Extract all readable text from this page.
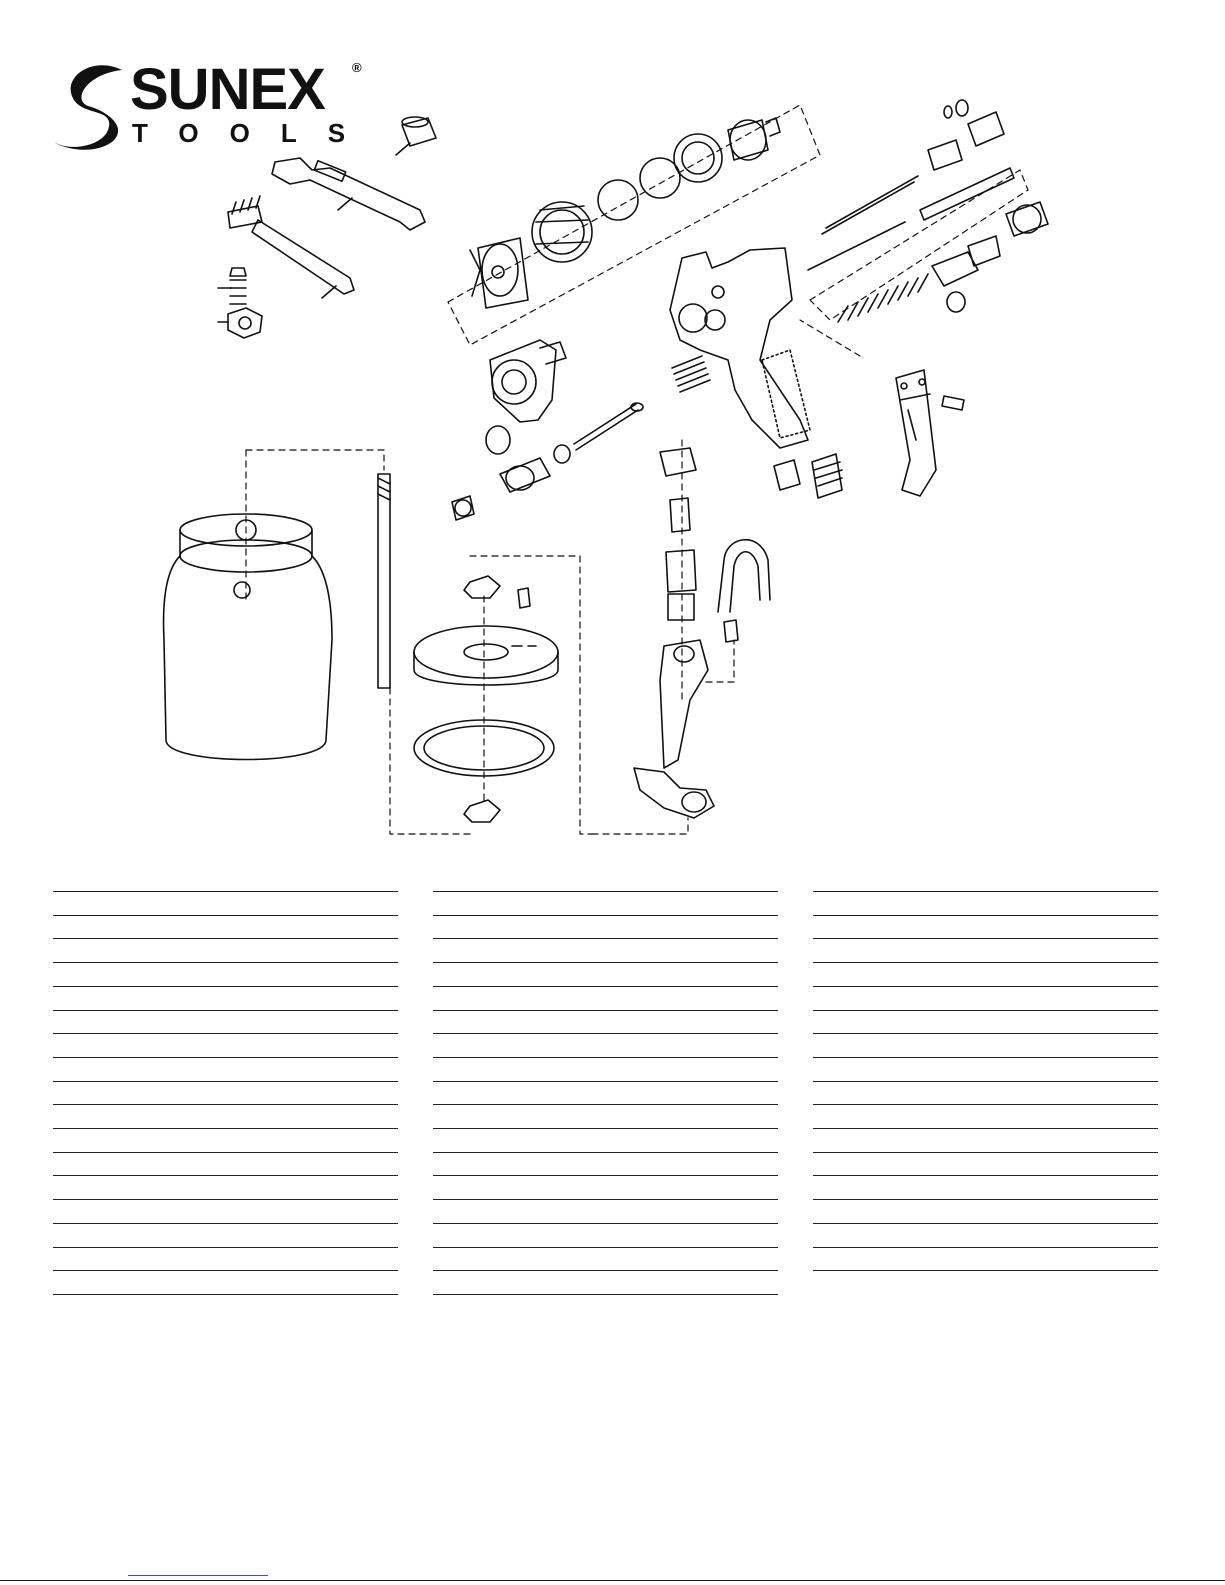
SUNEX ®
TOOLS
